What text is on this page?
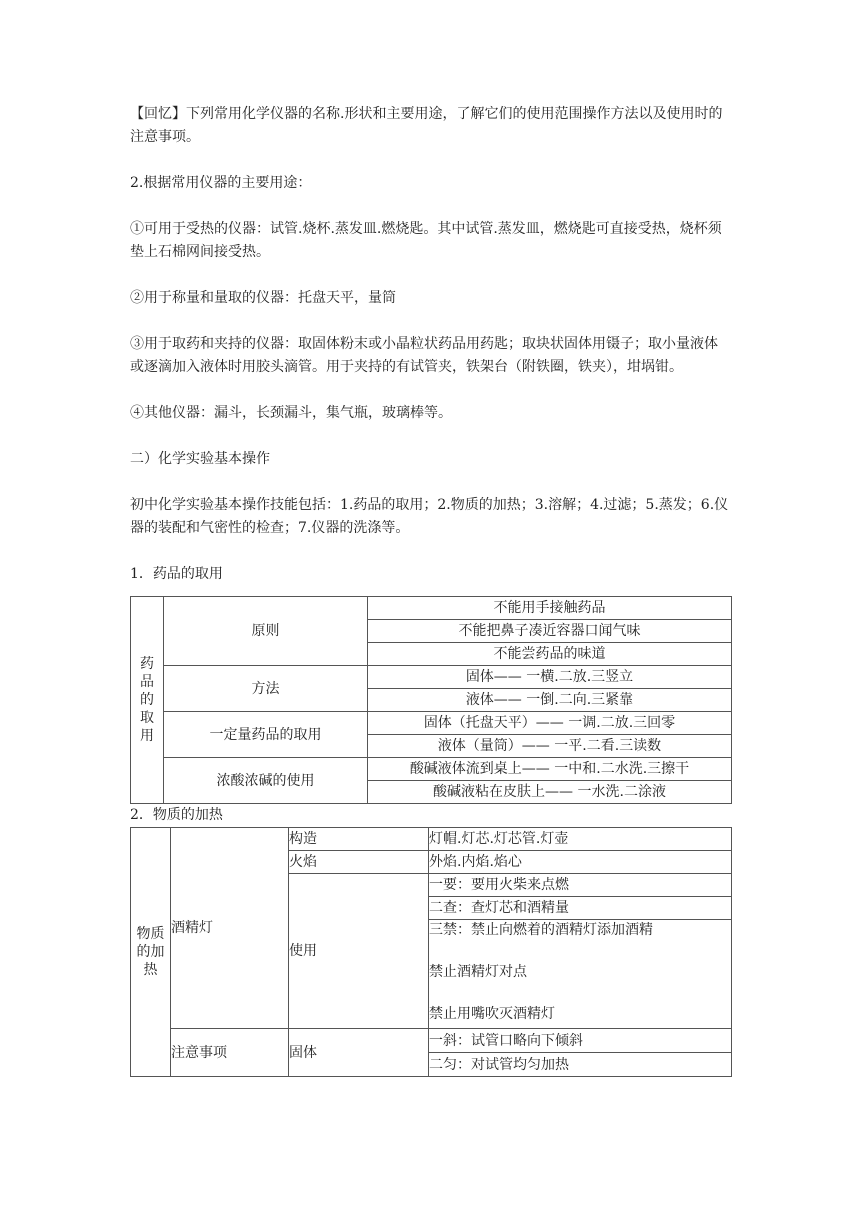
【回忆】下列常用化学仪器的名称.形状和主要用途，了解它们的使用范围操作方法以及使用时的注意事项。

2.根据常用仪器的主要用途：

①可用于受热的仪器：试管.烧杯.蒸发皿.燃烧匙。其中试管.蒸发皿，燃烧匙可直接受热，烧杯须垫上石棉网间接受热。

②用于称量和量取的仪器：托盘天平，量筒

③用于取药和夹持的仪器：取固体粉末或小晶粒状药品用药匙；取块状固体用镊子；取小量液体或逐滴加入液体时用胶头滴管。用于夹持的有试管夹，铁架台（附铁圈，铁夹），坩埚钳。

④其他仪器：漏斗，长颈漏斗，集气瓶，玻璃棒等。

二）化学实验基本操作

初中化学实验基本操作技能包括：1.药品的取用；2.物质的加热；3.溶解；4.过滤；5.蒸发；6.仪器的装配和气密性的检查；7.仪器的洗涤等。

1．药品的取用

药品的取用	原则	不能用手接触药品
		不能把鼻子凑近容器口闻气味
		不能尝药品的味道
	方法	固体—— 一横.二放.三竖立
		液体—— 一倒.二向.三紧靠
	一定量药品的取用	固体（托盘天平）—— 一调.二放.三回零
		液体（量筒）—— 一平.二看.三读数
	浓酸浓碱的使用	酸碱液体流到桌上—— 一中和.二水洗.三擦干
		酸碱液粘在皮肤上—— 一水洗.二涂液

2．物质的加热

物质的加热	酒精灯	构造	灯帽.灯芯.灯芯管.灯壶
		火焰	外焰.内焰.焰心
		使用	一要：要用火柴来点燃
			二查：查灯芯和酒精量

			三禁：禁止向燃着的酒精灯添加酒精
禁止酒精灯对点
禁止用嘴吹灭酒精灯

	注意事项	固体	一斜：试管口略向下倾斜
			二匀：对试管均匀加热
